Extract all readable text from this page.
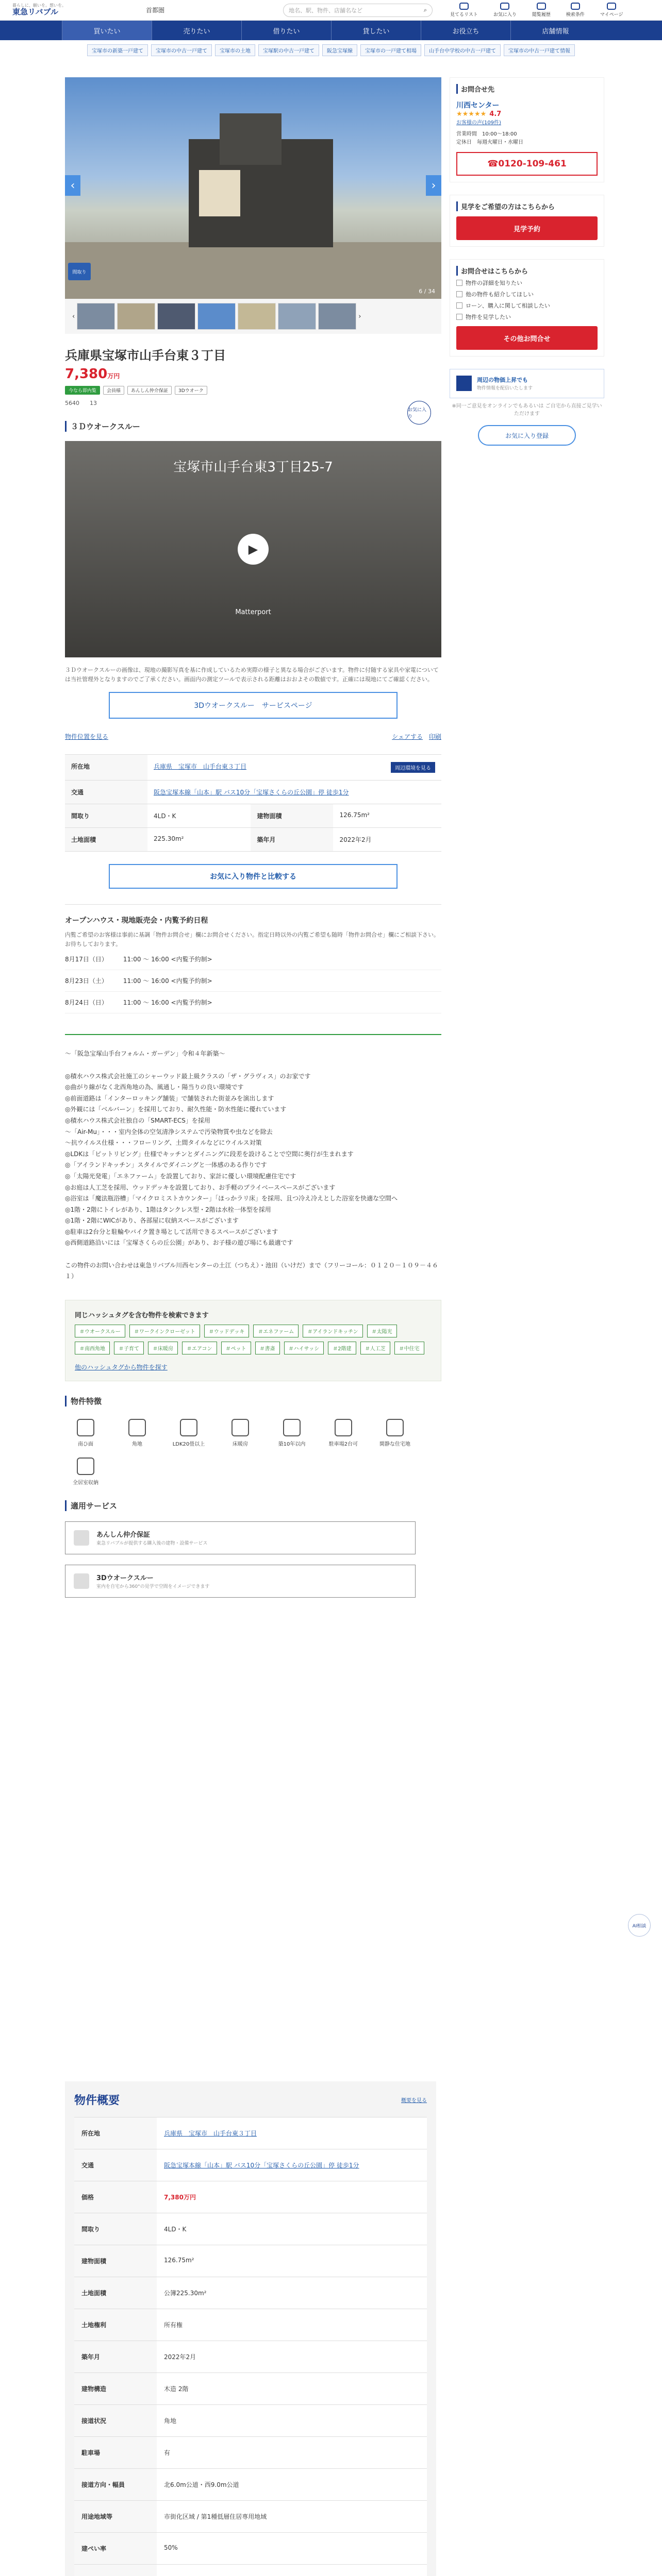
暮らしに、願いを。想いを。
東急リバブル	首都圏	地名、駅、物件、店舗名など	⌕
見てるリスト	お気に入り	閲覧履歴	検索条件	マイページ
買いたい	売りたい	借りたい	貸したい	お役立ち	店舗情報
宝塚市の新築一戸建て	宝塚市の中古一戸建て	宝塚市の土地	宝塚駅の中古一戸建て	阪急宝塚線	宝塚市の一戸建て相場	山手台中学校の中古一戸建て	宝塚市の中古一戸建て情報
‹	›
間取り
6 / 34
‹	›
兵庫県宝塚市山手台東３丁目
7,380万円
今なら即内覧	会員様	あんしん仲介保証	3Dウオーク
5640 13
お気に入り
３Ｄウオークスルー
宝塚市山手台東3丁目25-7
▶
Matterport
３Ｄウオークスルーの画像は、現地の撮影写真を基に作成しているため実際の様子と異なる場合がございます。物件に付随する家具や家電については当社管理外となりますのでご了承ください。画面内の測定ツールで表示される距離はおおよその数値です。正確には現地にてご確認ください。
3Dウオークスルー　サービスページ
物件位置を見る	シェアする　 印刷
所在地	兵庫県　宝塚市　山手台東３丁目 周辺環境を見る		

交通	阪急宝塚本線「山本」駅 バス10分「宝塚さくらの丘公園」停 徒歩1分		
間取り	4LD・K	建物面積	126.75m²
土地面積	225.30m²	築年月	2022年2月
お気に入り物件と比較する
オープンハウス・現地販売会・内覧予約日程

内覧ご希望のお客様は事前に基調「物件お問合せ」欄にお問合せください。指定日時以外の内覧ご希望も随時「物件お問合せ」欄にご相談下さい。お待ちしております。

8月17日（日）	11:00 ～ 16:00 <内覧予約制>
8月23日（土）	11:00 ～ 16:00 <内覧予約制>
8月24日（日）	11:00 ～ 16:00 <内覧予約制>
～「阪急宝塚山手台フォルム・ガーデン」令和４年新築～

◎積水ハウス株式会社施工のシャーウッド最上級クラスの「ザ・グラヴィス」のお家です
◎曲がり線がなく北西角地の為、風通し・陽当りの良い環境です
◎前面道路は「インターロッキング舗装」で舗装された街並みを演出します
◎外観には「ベルバーン」を採用しており、耐久性能・防水性能に優れています
◎積水ハウス株式会社独自の「SMART-ECS」を採用
～「Air-Mu」・・・室内全体の空気清浄システムで汚染物質や虫などを除去
～抗ウイルス仕様・・・フローリング、土間タイルなどにウイルス対策
◎LDKは「ピットリビング」仕様でキッチンとダイニングに段差を設けることで空間に奥行が生まれます
◎「アイランドキッチン」スタイルでダイニングと一体感のある作りです
◎「太陽光発電」「エネファーム」を設置しており、家計に優しい環境配慮住宅です
◎お庭は人工芝を採用、ウッドデッキを設置しており、お手軽のプライベースペースがございます
◎浴室は「魔法瓶浴槽」「マイクロミストカウンター」「ほっかラリ床」を採用、且つ冷え冷えとした浴室を快適な空間へ
◎1階・2階にトイレがあり、1階はタンクレス型・2階は水栓一体型を採用
◎1階・2階にWICがあり、各部屋に収納スペースがございます
◎駐車は2台分と駐輪やバイク置き場として活用できるスペースがございます
◎西側道路沿いには「宝塚さくらの丘公園」があり、お子様の遊び場にも最適です

この物件のお問い合わせは東急リバブル川西センターの土江（つちえ）・池田（いけだ）まで（フリーコール：０１２０－１０９－４６１）
同じハッシュタグを含む物件を検索できます
＃ウオークスルー	＃ワークインクローゼット	＃ウッドデッキ	＃エネファーム	＃アイランドキッチン	＃太陽光
＃南西角地	＃子育て	＃床暖房	＃エアコン	＃ペット	＃書斎	＃ハイサッシ	＃2階建	＃人工芝	＃中住宅
他のハッシュタグから物件を探す
物件特徴
南ひ面	角地	LDK20畳以上	床暖房	築10年以内	駐車場2台可	閑静な住宅地
全居室収納
適用サービス
あんしん仲介保証
東急リバブルが提供する購入後の建物・設備サービス
3Dウオークスルー
室内を自宅から360°の見学で空間をイメージできます
物件概要	概要を見る
所在地	兵庫県　宝塚市　山手台東３丁目
交通	阪急宝塚本線「山本」駅 バス10分「宝塚さくらの丘公園」停 徒歩1分
価格	7,380万円
間取り	4LD・K
建物面積	126.75m²
土地面積	公簿225.30m²
土地権利	所有権
築年月	2022年2月
建物構造	木造 2階
接道状況	角地
駐車場	有
接道方向・幅員	北6.0m公道・西9.0m公道
用途地域等	市街化区域 / 第1種低層住居専用地域
建ぺい率	50%

お問合せ先
川西センター
★★★★★ 4.7
お客様の声(109件)
営業時間　10:00～18:00
定休日　毎週火曜日・水曜日
☎ 0120-109-461
見学をご希望の方はこちらから
見学予約
お問合せはこちらから
物件の詳細を知りたい
他の物件も紹介してほしい
ローン、購入に関して相談したい
物件を見学したい
その他お問合せ
周辺の物価上昇でも
物件情報を配信いたします
※同一ご意見をオンラインでもあるいは ご自宅から直接ご見学いただけます
お気に入り登録
AI相談
